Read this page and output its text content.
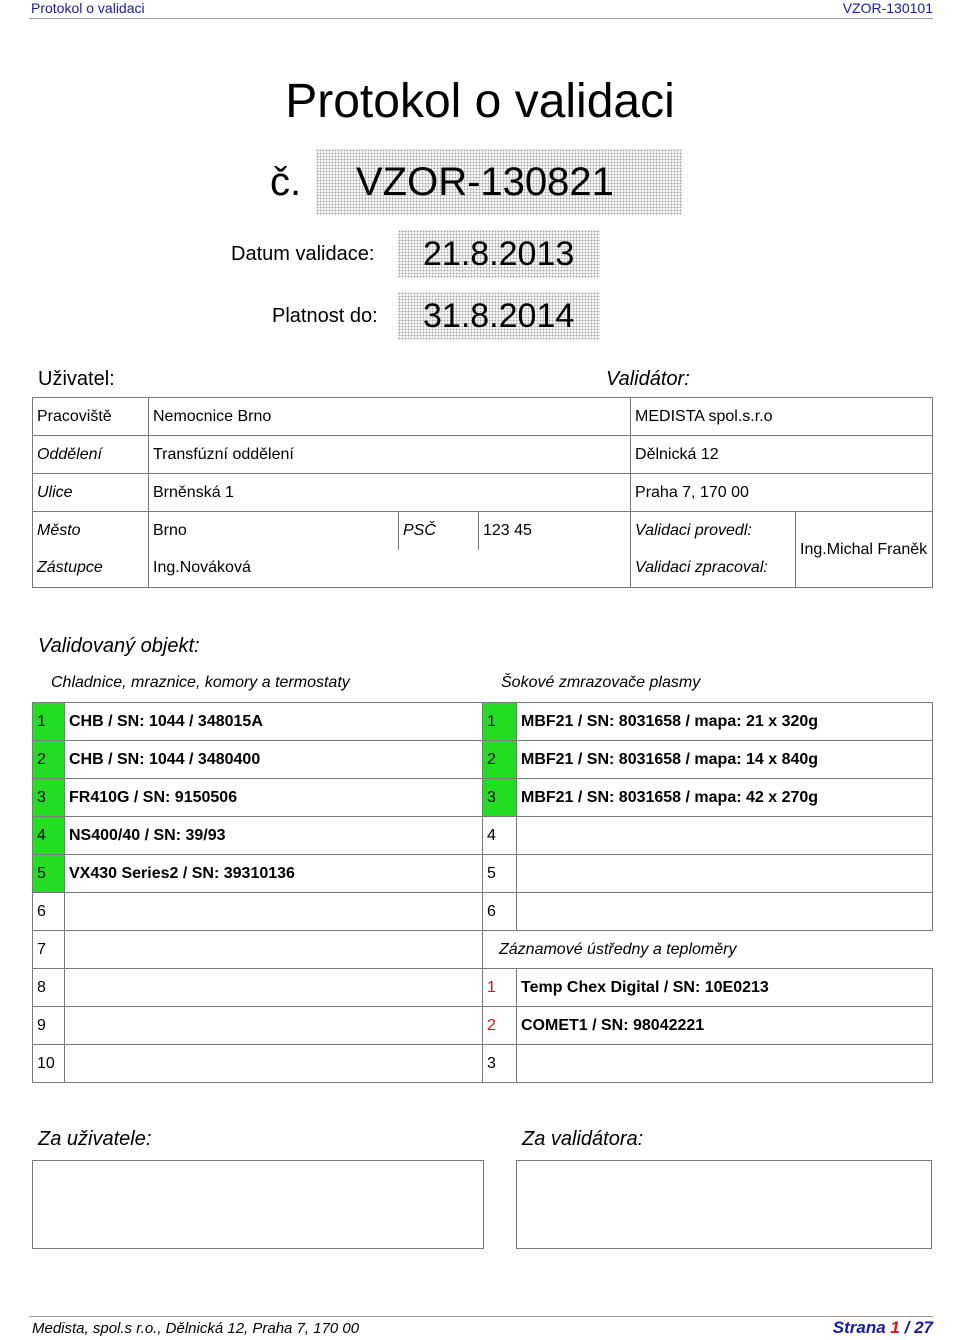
Protokol o validaci	VZOR-130101
Protokol o validaci
č. VZOR-130821
Datum validace: 21.8.2013
Platnost do: 31.8.2014
Uživatel:	Validátor:
Pracoviště	Nemocnice Brno			MEDISTA spol.s.r.o	
Oddělení	Transfúzní oddělení			Dělnická 12	
Ulice	Brněnská 1			Praha 7, 170 00	
Město	Brno	PSČ	123 45	Validaci provedl:	Ing.Michal Franěk
Zástupce	Ing.Nováková			Validaci zpracoval:	
Validovaný objekt:
Chladnice, mraznice, komory a termostaty	Šokové zmrazovače plasmy
1	CHB / SN: 1044 / 348015A	1	MBF21 / SN: 8031658 / mapa: 21 x 320g
2	CHB / SN: 1044 / 3480400	2	MBF21 / SN: 8031658 / mapa: 14 x 840g
3	FR410G / SN: 9150506	3	MBF21 / SN: 8031658 / mapa: 42 x 270g
4	NS400/40 / SN: 39/93	4	
5	VX430 Series2 / SN: 39310136	5	
6		6	
7		Záznamové ústředny a teploměry	
8		1	Temp Chex Digital / SN: 10E0213
9		2	COMET1 / SN: 98042221
10		3	
Za uživatele:	Za validátora:
Medista, spol.s r.o., Dělnická 12, Praha 7, 170 00	Strana 1 / 27
